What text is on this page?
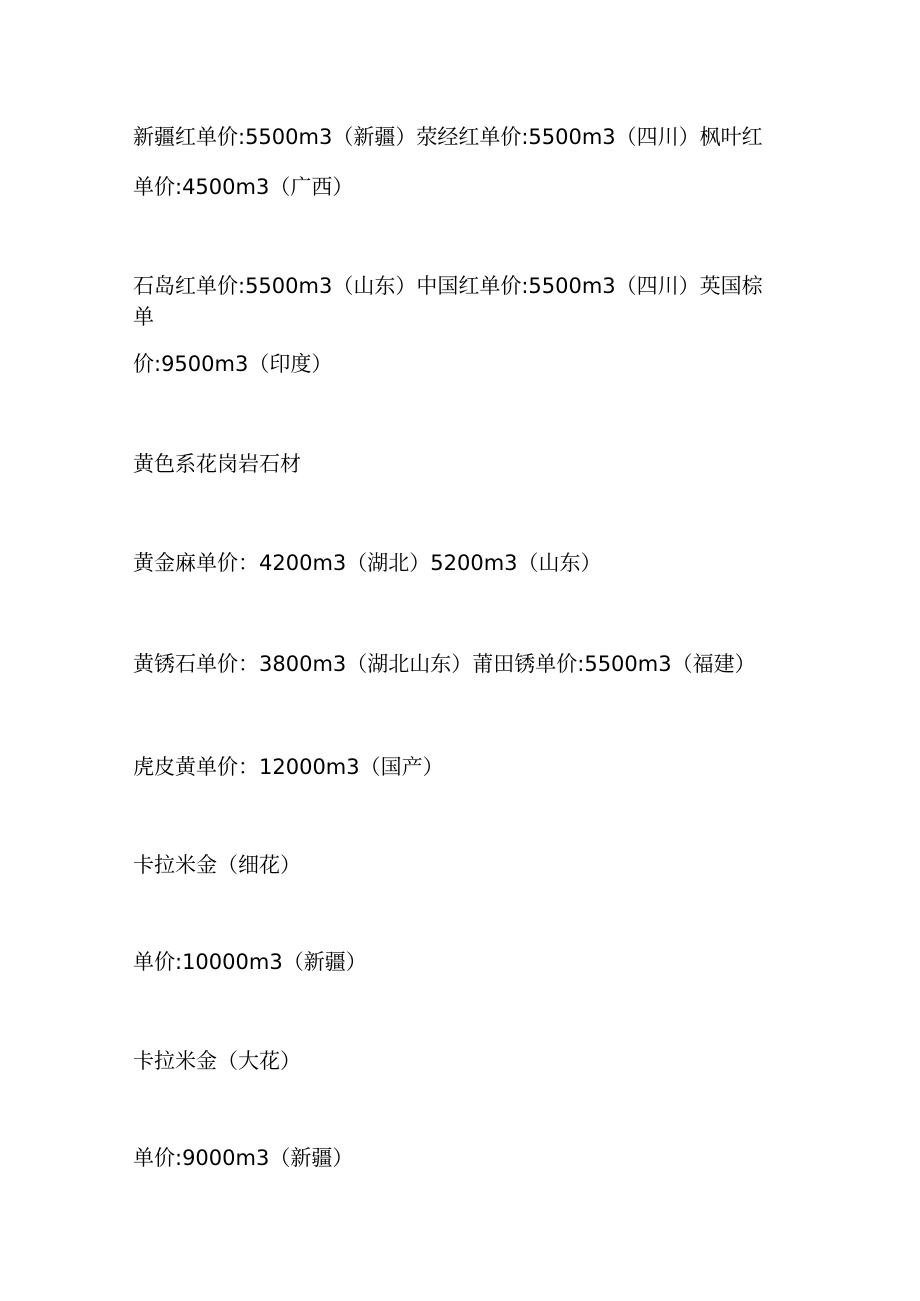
新疆红单价:5500m3（新疆）荥经红单价:5500m3（四川）枫叶红
单价:4500m3（广西）
石岛红单价:5500m3（山东）中国红单价:5500m3（四川）英国棕
单
价:9500m3（印度）
黄色系花岗岩石材
黄金麻单价：4200m3（湖北）5200m3（山东）
黄锈石单价：3800m3（湖北山东）莆田锈单价:5500m3（福建）
虎皮黄单价：12000m3（国产）
卡拉米金（细花）
单价:10000m3（新疆）
卡拉米金（大花）
单价:9000m3（新疆）
